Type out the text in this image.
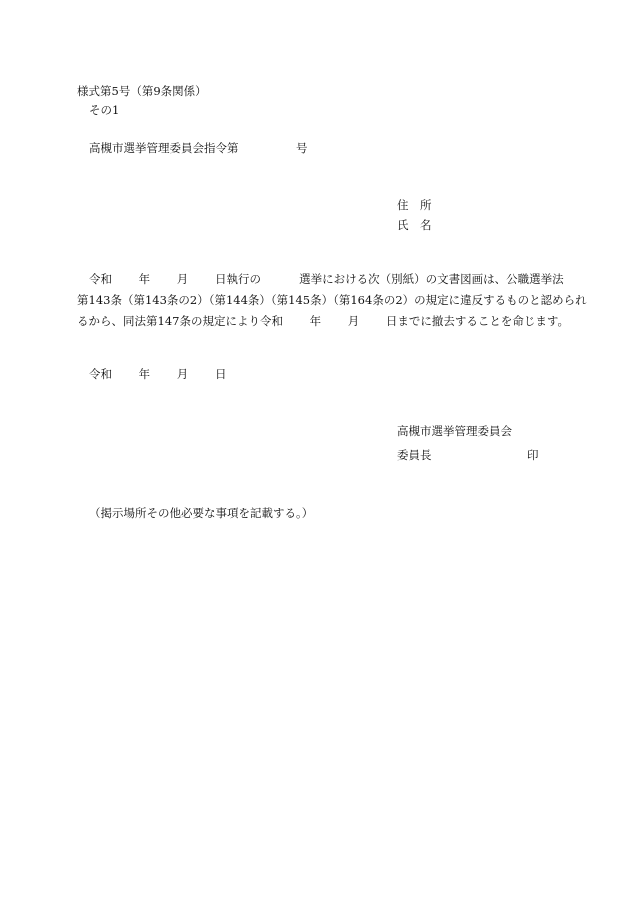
様式第5号（第9条関係）
その1
高槻市選挙管理委員会指令第　　　　　号
住　所
氏　名
令和　　 年　　 月　　 日執行の　　　 選挙における次（別紙）の文書図画は、公職選挙法
第143条（第143条の2）（第144条）（第145条）（第164条の2）の規定に違反するものと認められ
るから、同法第147条の規定により令和　　 年　　 月　　 日までに撤去することを命じます。
令和　　 年　　 月　　 日
高槻市選挙管理委員会
委員長	印
（掲示場所その他必要な事項を記載する。）
